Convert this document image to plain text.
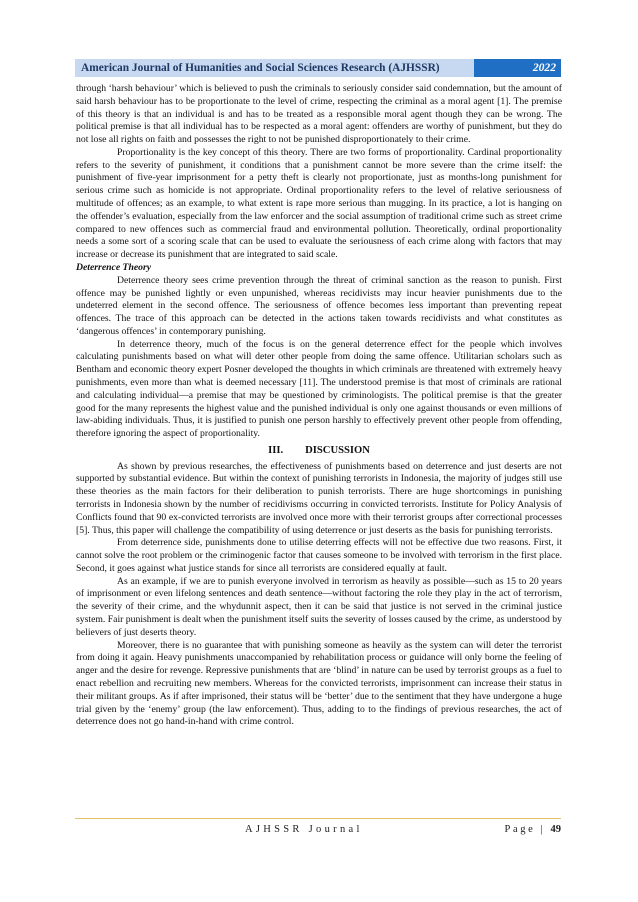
American Journal of Humanities and Social Sciences Research (AJHSSR)	2022

through ‘harsh behaviour’ which is believed to push the criminals to seriously consider said condemnation, but the amount of said harsh behaviour has to be proportionate to the level of crime, respecting the criminal as a moral agent [1]. The premise of this theory is that an individual is and has to be treated as a responsible moral agent though they can be wrong. The political premise is that all individual has to be respected as a moral agent: offenders are worthy of punishment, but they do not lose all rights on faith and possesses the right to not be punished disproportionately to their crime.

Proportionality is the key concept of this theory. There are two forms of proportionality. Cardinal proportionality refers to the severity of punishment, it conditions that a punishment cannot be more severe than the crime itself: the punishment of five-year imprisonment for a petty theft is clearly not proportionate, just as months-long punishment for serious crime such as homicide is not appropriate. Ordinal proportionality refers to the level of relative seriousness of multitude of offences; as an example, to what extent is rape more serious than mugging. In its practice, a lot is hanging on the offender’s evaluation, especially from the law enforcer and the social assumption of traditional crime such as street crime compared to new offences such as commercial fraud and environmental pollution. Theoretically, ordinal proportionality needs a some sort of a scoring scale that can be used to evaluate the seriousness of each crime along with factors that may increase or decrease its punishment that are integrated to said scale.

Deterrence Theory

Deterrence theory sees crime prevention through the threat of criminal sanction as the reason to punish. First offence may be punished lightly or even unpunished, whereas recidivists may incur heavier punishments due to the undeterred element in the second offence. The seriousness of offence becomes less important than preventing repeat offences. The trace of this approach can be detected in the actions taken towards recidivists and what constitutes as ‘dangerous offences’ in contemporary punishing.

In deterrence theory, much of the focus is on the general deterrence effect for the people which involves calculating punishments based on what will deter other people from doing the same offence. Utilitarian scholars such as Bentham and economic theory expert Posner developed the thoughts in which criminals are threatened with extremely heavy punishments, even more than what is deemed necessary [11]. The understood premise is that most of criminals are rational and calculating individual—a premise that may be questioned by criminologists. The political premise is that the greater good for the many represents the highest value and the punished individual is only one against thousands or even millions of law-abiding individuals. Thus, it is justified to punish one person harshly to effectively prevent other people from offending, therefore ignoring the aspect of proportionality.

III. DISCUSSION

As shown by previous researches, the effectiveness of punishments based on deterrence and just deserts are not supported by substantial evidence. But within the context of punishing terrorists in Indonesia, the majority of judges still use these theories as the main factors for their deliberation to punish terrorists. There are huge shortcomings in punishing terrorists in Indonesia shown by the number of recidivisms occurring in convicted terrorists. Institute for Policy Analysis of Conflicts found that 90 ex-convicted terrorists are involved once more with their terrorist groups after correctional processes [5]. Thus, this paper will challenge the compatibility of using deterrence or just deserts as the basis for punishing terrorists.

From deterrence side, punishments done to utilise deterring effects will not be effective due two reasons. First, it cannot solve the root problem or the criminogenic factor that causes someone to be involved with terrorism in the first place. Second, it goes against what justice stands for since all terrorists are considered equally at fault.

As an example, if we are to punish everyone involved in terrorism as heavily as possible—such as 15 to 20 years of imprisonment or even lifelong sentences and death sentence—without factoring the role they play in the act of terrorism, the severity of their crime, and the whydunnit aspect, then it can be said that justice is not served in the criminal justice system. Fair punishment is dealt when the punishment itself suits the severity of losses caused by the crime, as understood by believers of just deserts theory.

Moreover, there is no guarantee that with punishing someone as heavily as the system can will deter the terrorist from doing it again. Heavy punishments unaccompanied by rehabilitation process or guidance will only borne the feeling of anger and the desire for revenge. Repressive punishments that are ‘blind’ in nature can be used by terrorist groups as a fuel to enact rebellion and recruiting new members. Whereas for the convicted terrorists, imprisonment can increase their status in their militant groups. As if after imprisoned, their status will be ‘better’ due to the sentiment that they have undergone a huge trial given by the ‘enemy’ group (the law enforcement). Thus, adding to to the findings of previous researches, the act of deterrence does not go hand-in-hand with crime control.

AJHSSR Journal	Page | 49
